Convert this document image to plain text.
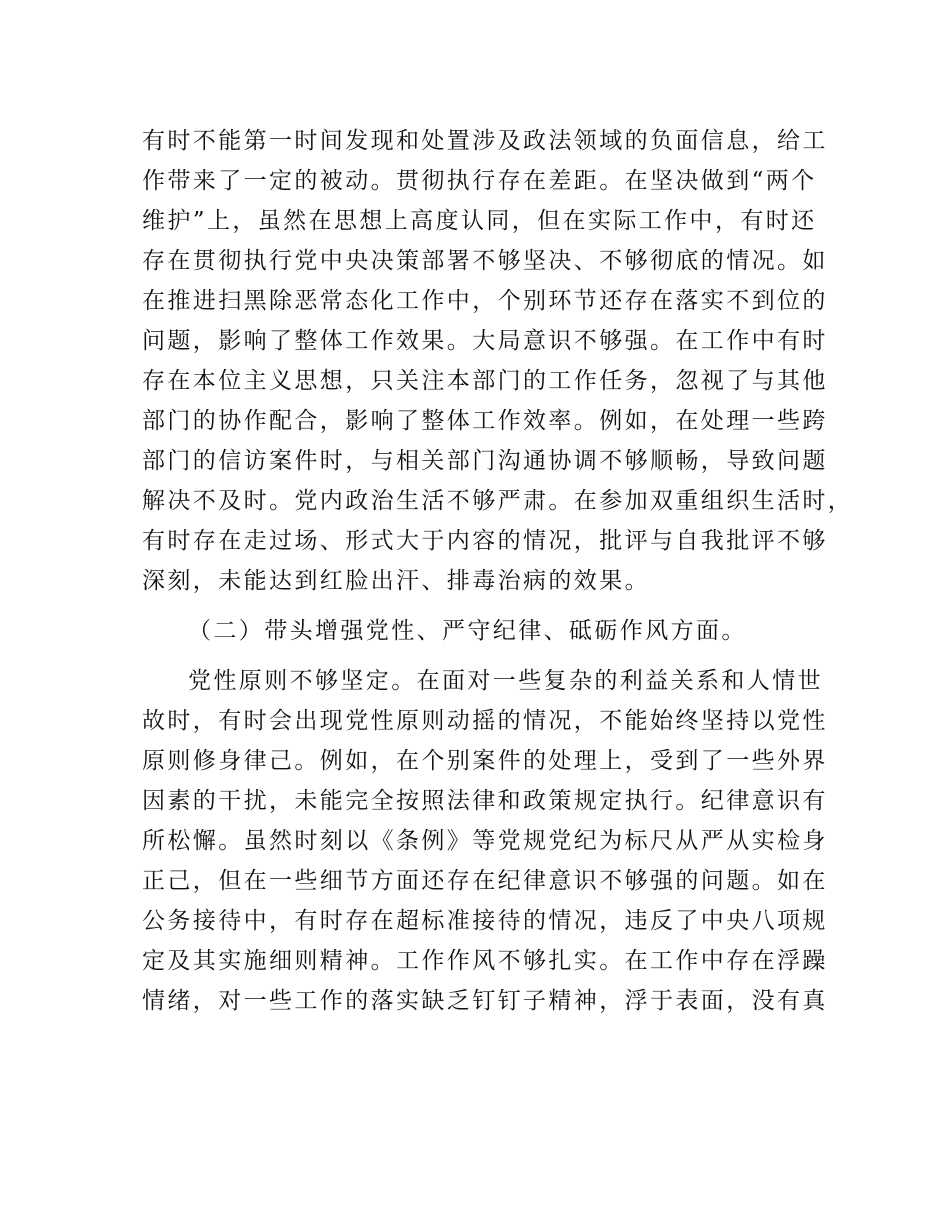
有时不能第一时间发现和处置涉及政法领域的负面信息，给工
作带来了一定的被动。贯彻执行存在差距。在坚决做到“两个
维护”上，虽然在思想上高度认同，但在实际工作中，有时还
存在贯彻执行党中央决策部署不够坚决、不够彻底的情况。如
在推进扫黑除恶常态化工作中，个别环节还存在落实不到位的
问题，影响了整体工作效果。大局意识不够强。在工作中有时
存在本位主义思想，只关注本部门的工作任务，忽视了与其他
部门的协作配合，影响了整体工作效率。例如，在处理一些跨
部门的信访案件时，与相关部门沟通协调不够顺畅，导致问题
解决不及时。党内政治生活不够严肃。在参加双重组织生活时，
有时存在走过场、形式大于内容的情况，批评与自我批评不够
深刻，未能达到红脸出汗、排毒治病的效果。
（二）带头增强党性、严守纪律、砥砺作风方面。
党性原则不够坚定。在面对一些复杂的利益关系和人情世
故时，有时会出现党性原则动摇的情况，不能始终坚持以党性
原则修身律己。例如，在个别案件的处理上，受到了一些外界
因素的干扰，未能完全按照法律和政策规定执行。纪律意识有
所松懈。虽然时刻以《条例》等党规党纪为标尺从严从实检身
正己，但在一些细节方面还存在纪律意识不够强的问题。如在
公务接待中，有时存在超标准接待的情况，违反了中央八项规
定及其实施细则精神。工作作风不够扎实。在工作中存在浮躁
情绪，对一些工作的落实缺乏钉钉子精神，浮于表面，没有真
